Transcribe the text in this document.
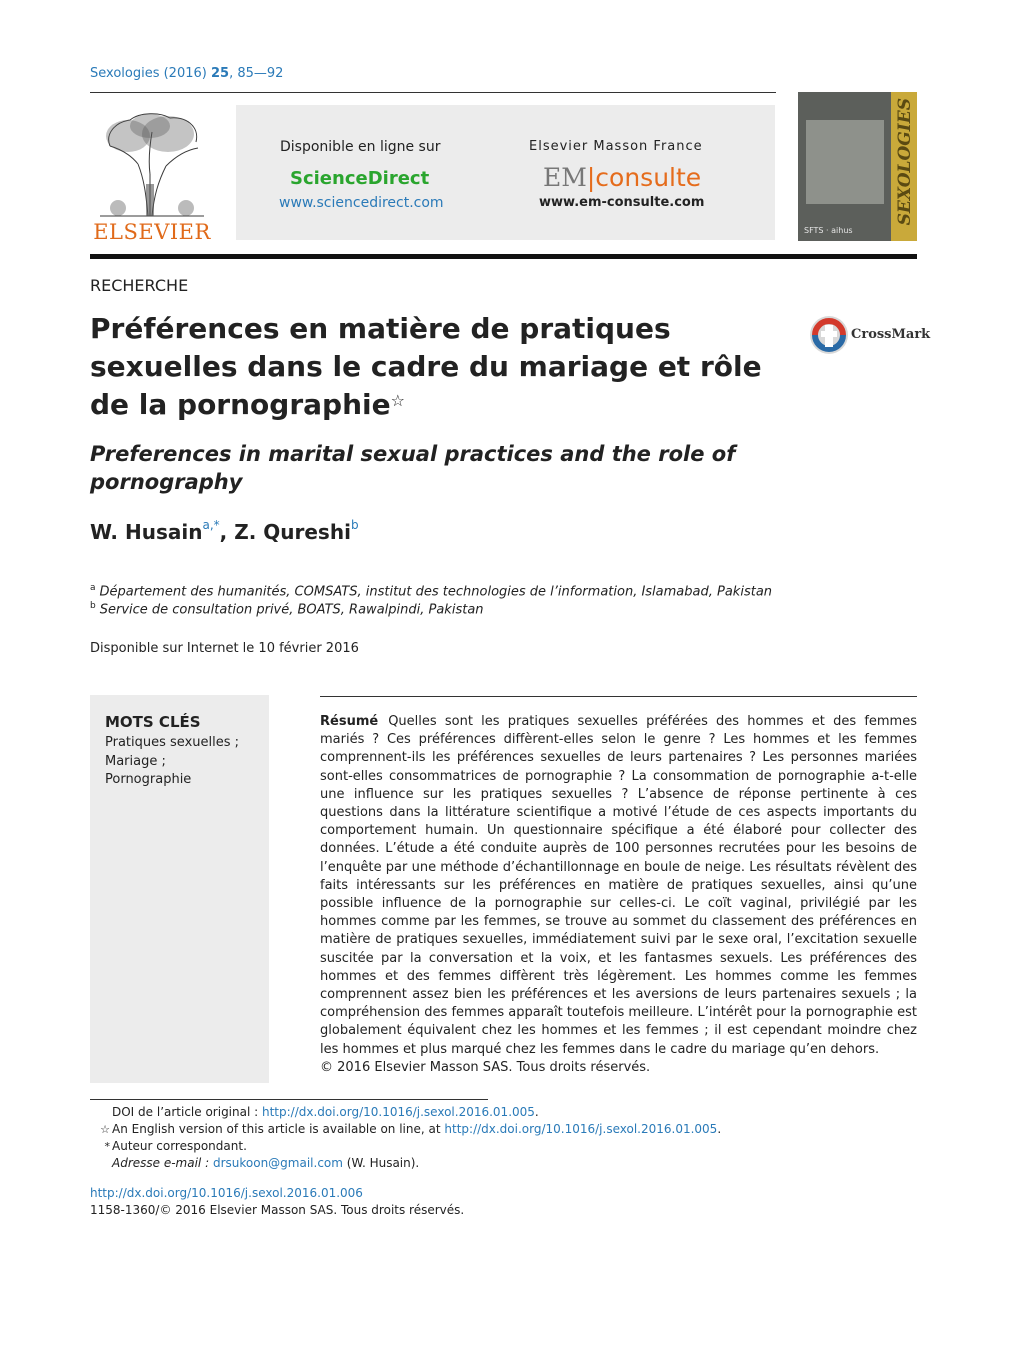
Sexologies (2016) 25, 85—92
ELSEVIER
Disponible en ligne sur
ScienceDirect
www.sciencedirect.com
Elsevier Masson France
EM|consulte
www.em-consulte.com	SEXOLOGIES
SFTS · aihus
RECHERCHE
Préférences en matière de pratiques sexuelles dans le cadre du mariage et rôle de la pornographie☆
Preferences in marital sexual practices and the role of pornography
CrossMark
W. Husain$^{a,*}$, Z. Qureshi$^b$
$^a$ Département des humanités, COMSATS, institut des technologies de l’information, Islamabad, Pakistan
$^b$ Service de consultation privé, BOATS, Rawalpindi, Pakistan
Disponible sur Internet le 10 février 2016
MOTS CLÉS
Pratiques sexuelles ;
Mariage ;
Pornographie
Résumé Quelles sont les pratiques sexuelles préférées des hommes et des femmes mariés ? Ces préférences diffèrent-elles selon le genre ? Les hommes et les femmes comprennent-ils les préférences sexuelles de leurs partenaires ? Les personnes mariées sont-elles consommatrices de pornographie ? La consommation de pornographie a-t-elle une influence sur les pratiques sexuelles ? L’absence de réponse pertinente à ces questions dans la littérature scientifique a motivé l’étude de ces aspects importants du comportement humain. Un questionnaire spécifique a été élaboré pour collecter des données. L’étude a été conduite auprès de 100 personnes recrutées pour les besoins de l’enquête par une méthode d’échantillonnage en boule de neige. Les résultats révèlent des faits intéressants sur les préférences en matière de pratiques sexuelles, ainsi qu’une possible influence de la pornographie sur celles-ci. Le coït vaginal, privilégié par les hommes comme par les femmes, se trouve au sommet du classement des préférences en matière de pratiques sexuelles, immédiatement suivi par le sexe oral, l’excitation sexuelle suscitée par la conversation et la voix, et les fantasmes sexuels. Les préférences des hommes et des femmes diffèrent très légèrement. Les hommes comme les femmes comprennent assez bien les préférences et les aversions de leurs partenaires sexuels ; la compréhension des femmes apparaît toutefois meilleure. L’intérêt pour la pornographie est globalement équivalent chez les hommes et les femmes ; il est cependant moindre chez les hommes et plus marqué chez les femmes dans le cadre du mariage qu’en dehors.
© 2016 Elsevier Masson SAS. Tous droits réservés.
DOI de l’article original : http://dx.doi.org/10.1016/j.sexol.2016.01.005.
☆ An English version of this article is available on line, at http://dx.doi.org/10.1016/j.sexol.2016.01.005.
* Auteur correspondant.
Adresse e-mail : drsukoon@gmail.com (W. Husain).
http://dx.doi.org/10.1016/j.sexol.2016.01.006
1158-1360/© 2016 Elsevier Masson SAS. Tous droits réservés.
